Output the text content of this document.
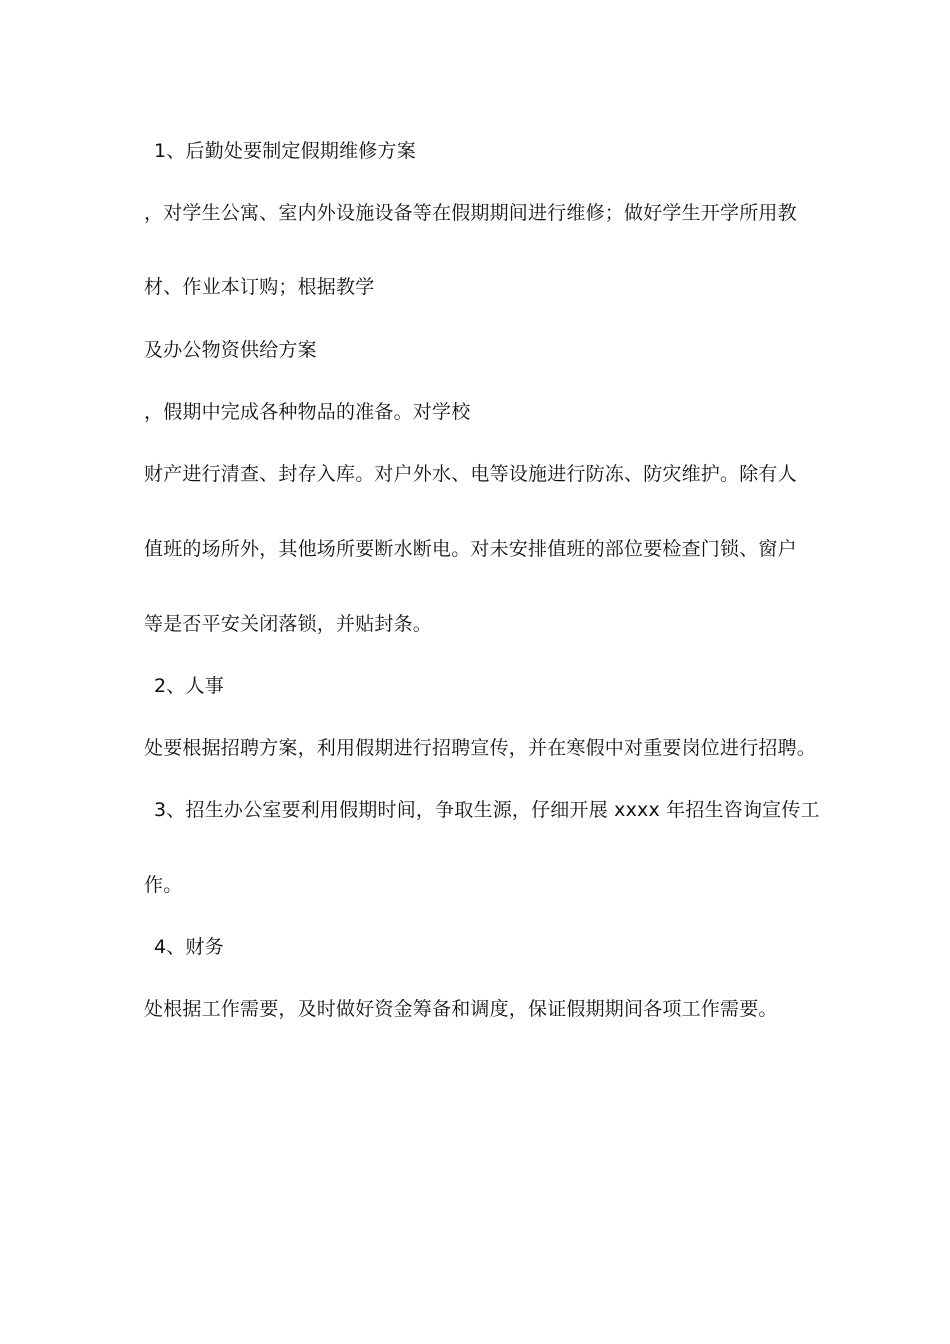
1、后勤处要制定假期维修方案
，对学生公寓、室内外设施设备等在假期期间进行维修；做好学生开学所用教
材、作业本订购；根据教学
及办公物资供给方案
，假期中完成各种物品的准备。对学校
财产进行清查、封存入库。对户外水、电等设施进行防冻、防灾维护。除有人
值班的场所外，其他场所要断水断电。对未安排值班的部位要检查门锁、窗户
等是否平安关闭落锁，并贴封条。
2、人事
处要根据招聘方案，利用假期进行招聘宣传，并在寒假中对重要岗位进行招聘。
3、招生办公室要利用假期时间，争取生源，仔细开展 xxxx 年招生咨询宣传工
作。
4、财务
处根据工作需要，及时做好资金筹备和调度，保证假期期间各项工作需要。
